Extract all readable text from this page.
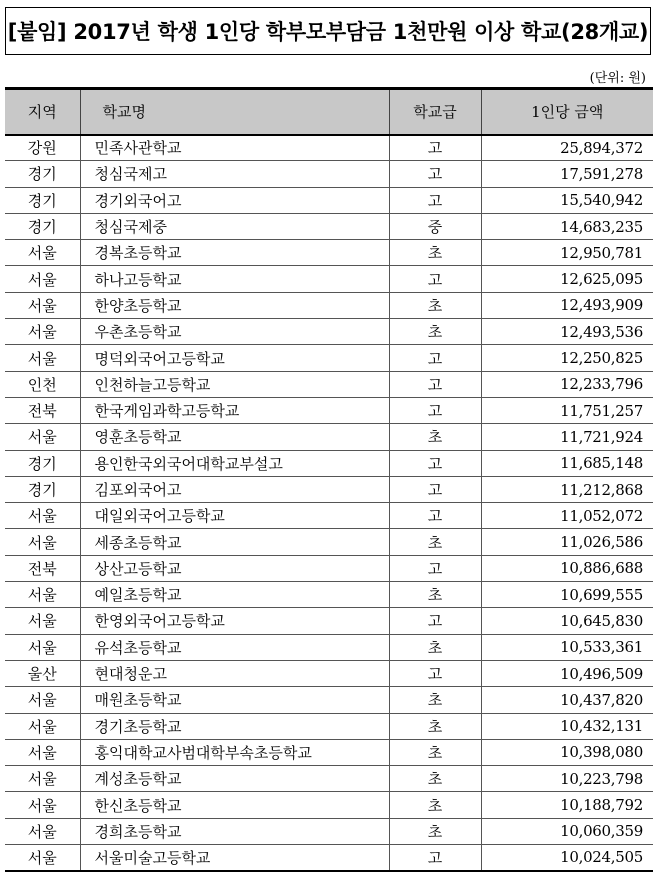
[붙임] 2017년 학생 1인당 학부모부담금 1천만원 이상 학교(28개교)
(단위: 원)
지역	학교명	학교급	1인당 금액
강원	민족사관학교	고	25,894,372
경기	청심국제고	고	17,591,278
경기	경기외국어고	고	15,540,942
경기	청심국제중	중	14,683,235
서울	경복초등학교	초	12,950,781
서울	하나고등학교	고	12,625,095
서울	한양초등학교	초	12,493,909
서울	우촌초등학교	초	12,493,536
서울	명덕외국어고등학교	고	12,250,825
인천	인천하늘고등학교	고	12,233,796
전북	한국게임과학고등학교	고	11,751,257
서울	영훈초등학교	초	11,721,924
경기	용인한국외국어대학교부설고	고	11,685,148
경기	김포외국어고	고	11,212,868
서울	대일외국어고등학교	고	11,052,072
서울	세종초등학교	초	11,026,586
전북	상산고등학교	고	10,886,688
서울	예일초등학교	초	10,699,555
서울	한영외국어고등학교	고	10,645,830
서울	유석초등학교	초	10,533,361
울산	현대청운고	고	10,496,509
서울	매원초등학교	초	10,437,820
서울	경기초등학교	초	10,432,131
서울	홍익대학교사범대학부속초등학교	초	10,398,080
서울	계성초등학교	초	10,223,798
서울	한신초등학교	초	10,188,792
서울	경희초등학교	초	10,060,359
서울	서울미술고등학교	고	10,024,505
